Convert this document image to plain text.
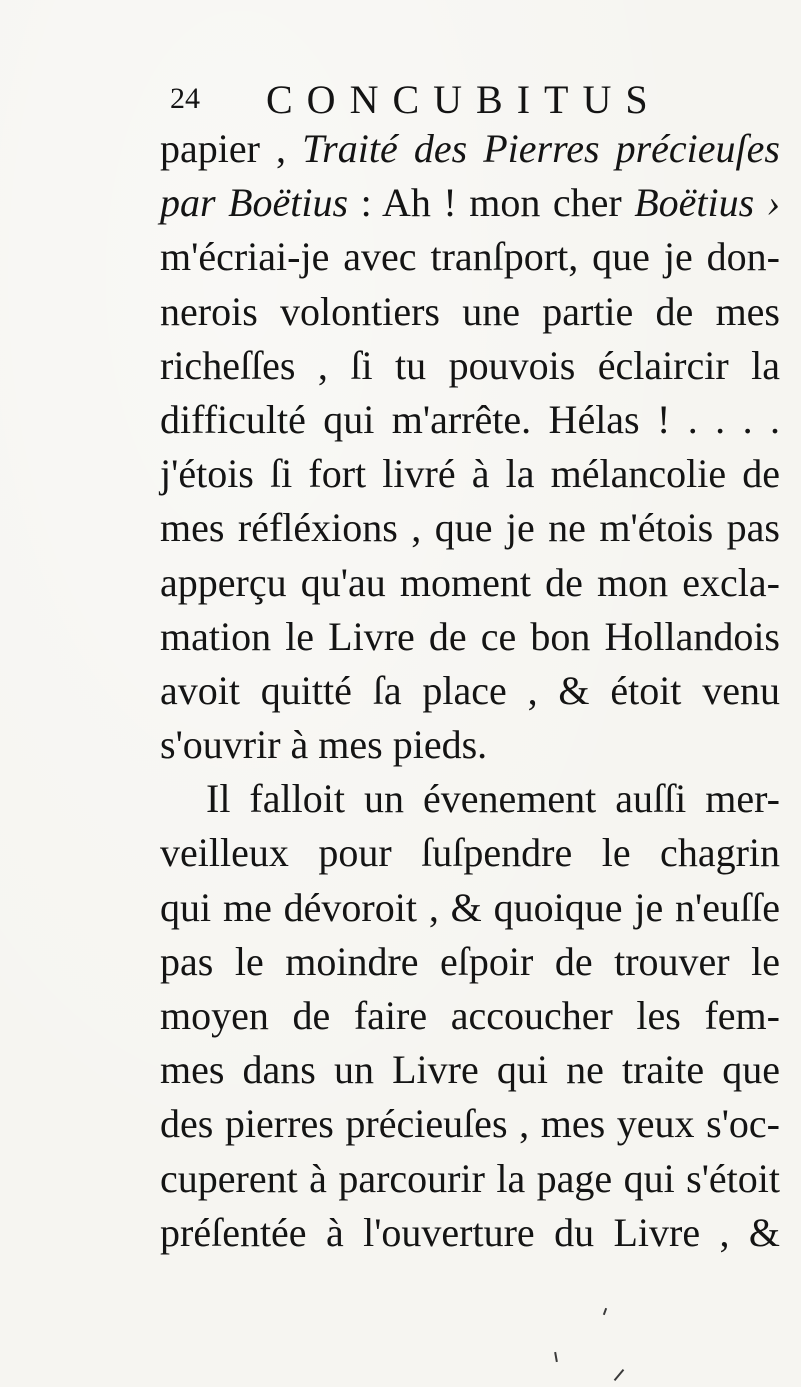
24 CONCUBITUS
papier , Traité des Pierres précieuſes
par Boëtius : Ah ! mon cher Boëtius ›
m'écriai-je avec tranſport, que je don-
nerois volontiers une partie de mes
richeſſes , ſi tu pouvois éclaircir la
difficulté qui m'arrête. Hélas ! . . . .
j'étois ſi fort livré à la mélancolie de
mes réfléxions , que je ne m'étois pas
apperçu qu'au moment de mon excla-
mation le Livre de ce bon Hollandois
avoit quitté ſa place , & étoit venu
s'ouvrir à mes pieds.
Il falloit un évenement auſſi mer-
veilleux pour ſuſpendre le chagrin
qui me dévoroit , & quoique je n'euſſe
pas le moindre eſpoir de trouver le
moyen de faire accoucher les fem-
mes dans un Livre qui ne traite que
des pierres précieuſes , mes yeux s'oc-
cuperent à parcourir la page qui s'étoit
préſentée à l'ouverture du Livre , &
